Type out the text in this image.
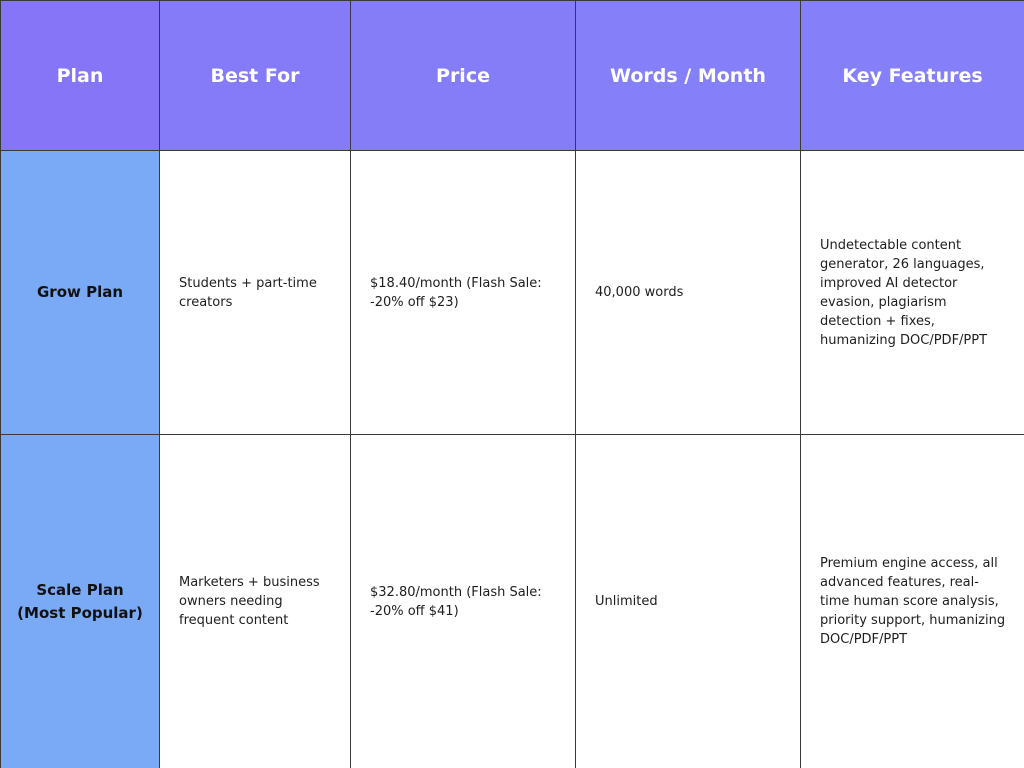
Plan	Best For	Price	Words / Month	Key Features

Grow Plan	Students + part-time creators	$18.40/month (Flash Sale: -20% off $23)	40,000 words	Undetectable content generator, 26 languages, improved AI detector evasion, plagiarism detection + fixes, humanizing DOC/PDF/PPT

Scale Plan
(Most Popular)	Marketers + business owners needing frequent content	$32.80/month (Flash Sale: -20% off $41)	Unlimited	Premium engine access, all advanced features, real-time human score analysis, priority support, humanizing DOC/PDF/PPT
